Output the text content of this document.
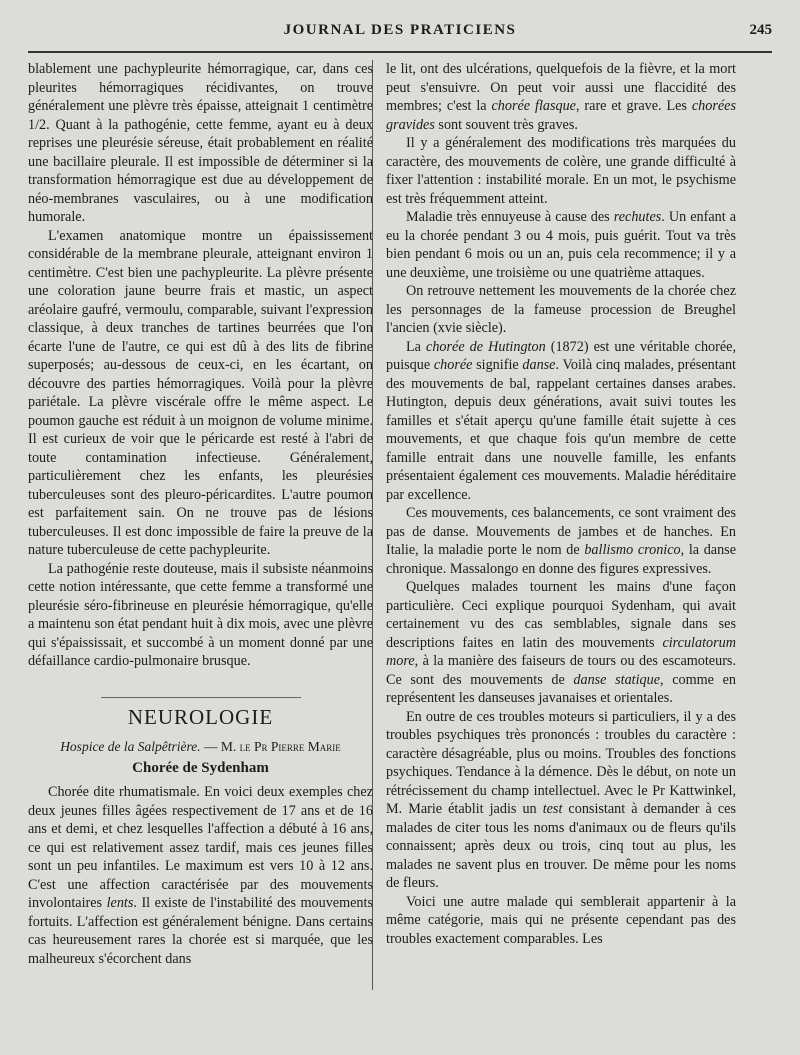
JOURNAL DES PRATICIENS	245

blablement une pachypleurite hémorragique, car, dans ces pleurites hémorragiques récidivantes, on trouve généralement une plèvre très épaisse, atteignait 1 centimètre 1/2. Quant à la pathogénie, cette femme, ayant eu à deux reprises une pleurésie séreuse, était probablement en réalité une bacillaire pleurale. Il est impossible de déterminer si la transformation hémorragique est due au développement de néo-membranes vasculaires, ou à une modification humorale.

L'examen anatomique montre un épaississement considérable de la membrane pleurale, atteignant environ 1 centimètre. C'est bien une pachypleurite. La plèvre présente une coloration jaune beurre frais et mastic, un aspect aréolaire gaufré, vermoulu, comparable, suivant l'expression classique, à deux tranches de tartines beurrées que l'on écarte l'une de l'autre, ce qui est dû à des lits de fibrine superposés; au-dessous de ceux-ci, en les écartant, on découvre des parties hémorragiques. Voilà pour la plèvre pariétale. La plèvre viscérale offre le même aspect. Le poumon gauche est réduit à un moignon de volume minime. Il est curieux de voir que le péricarde est resté à l'abri de toute contamination infectieuse. Généralement, particulièrement chez les enfants, les pleurésies tuberculeuses sont des pleuro-péricardites. L'autre poumon est parfaitement sain. On ne trouve pas de lésions tuberculeuses. Il est donc impossible de faire la preuve de la nature tuberculeuse de cette pachypleurite.

La pathogénie reste douteuse, mais il subsiste néanmoins cette notion intéressante, que cette femme a transformé une pleurésie séro-fibrineuse en pleurésie hémorragique, qu'elle a maintenu son état pendant huit à dix mois, avec une plèvre qui s'épaississait, et succombé à un moment donné par une défaillance cardio-pulmonaire brusque.

NEUROLOGIE
Hospice de la Salpêtrière. — M. le Pr Pierre Marie
Chorée de Sydenham

Chorée dite rhumatismale. En voici deux exemples chez deux jeunes filles âgées respectivement de 17 ans et de 16 ans et demi, et chez lesquelles l'affection a débuté à 16 ans, ce qui est relativement assez tardif, mais ces jeunes filles sont un peu infantiles. Le maximum est vers 10 à 12 ans. C'est une affection caractérisée par des mouvements involontaires lents. Il existe de l'instabilité des mouvements fortuits. L'affection est généralement bénigne. Dans certains cas heureusement rares la chorée est si marquée, que les malheureux s'écorchent dans

le lit, ont des ulcérations, quelquefois de la fièvre, et la mort peut s'ensuivre. On peut voir aussi une flaccidité des membres; c'est la chorée flasque, rare et grave. Les chorées gravides sont souvent très graves.

Il y a généralement des modifications très marquées du caractère, des mouvements de colère, une grande difficulté à fixer l'attention : instabilité morale. En un mot, le psychisme est très fréquemment atteint.

Maladie très ennuyeuse à cause des rechutes. Un enfant a eu la chorée pendant 3 ou 4 mois, puis guérit. Tout va très bien pendant 6 mois ou un an, puis cela recommence; il y a une deuxième, une troisième ou une quatrième attaques.

On retrouve nettement les mouvements de la chorée chez les personnages de la fameuse procession de Breughel l'ancien (xvie siècle).

La chorée de Hutington (1872) est une véritable chorée, puisque chorée signifie danse. Voilà cinq malades, présentant des mouvements de bal, rappelant certaines danses arabes. Hutington, depuis deux générations, avait suivi toutes les familles et s'était aperçu qu'une famille était sujette à ces mouvements, et que chaque fois qu'un membre de cette famille entrait dans une nouvelle famille, les enfants présentaient également ces mouvements. Maladie héréditaire par excellence.

Ces mouvements, ces balancements, ce sont vraiment des pas de danse. Mouvements de jambes et de hanches. En Italie, la maladie porte le nom de ballismo cronico, la danse chronique. Massalongo en donne des figures expressives.

Quelques malades tournent les mains d'une façon particulière. Ceci explique pourquoi Sydenham, qui avait certainement vu des cas semblables, signale dans ses descriptions faites en latin des mouvements circulatorum more, à la manière des faiseurs de tours ou des escamoteurs. Ce sont des mouvements de danse statique, comme en représentent les danseuses javanaises et orientales.

En outre de ces troubles moteurs si particuliers, il y a des troubles psychiques très prononcés : troubles du caractère : caractère désagréable, plus ou moins. Troubles des fonctions psychiques. Tendance à la démence. Dès le début, on note un rétrécissement du champ intellectuel. Avec le Pr Kattwinkel, M. Marie établit jadis un test consistant à demander à ces malades de citer tous les noms d'animaux ou de fleurs qu'ils connaissent; après deux ou trois, cinq tout au plus, les malades ne savent plus en trouver. De même pour les noms de fleurs.

Voici une autre malade qui semblerait appartenir à la même catégorie, mais qui ne présente cependant pas des troubles exactement comparables. Les
